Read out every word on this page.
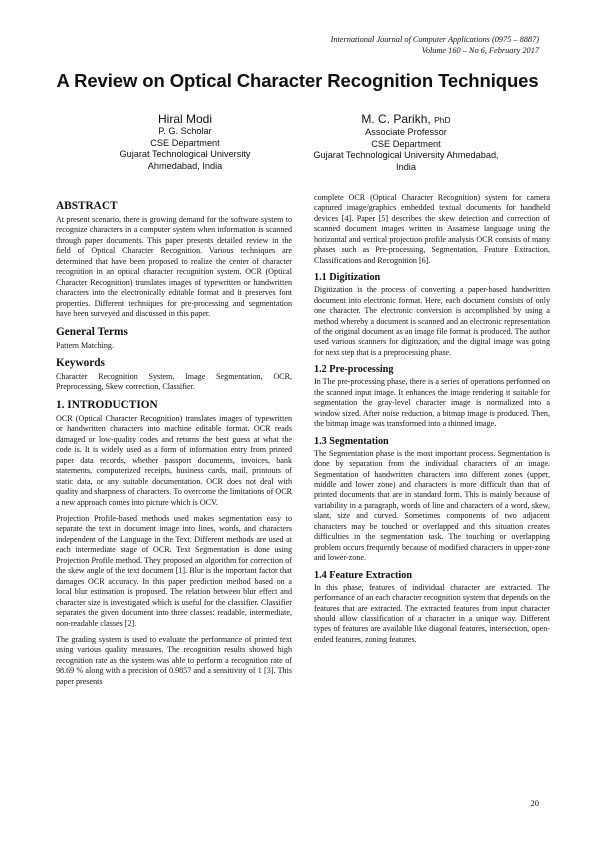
International Journal of Computer Applications (0975 – 8887)
Volume 160 – No 6, February 2017
A Review on Optical Character Recognition Techniques
Hiral Modi
P. G. Scholar
CSE Department
Gujarat Technological University
Ahmedabad, India
M. C. Parikh, PhD
Associate Professor
CSE Department
Gujarat Technological University Ahmedabad,
India
ABSTRACT

At present scenario, there is growing demand for the software system to recognize characters in a computer system when information is scanned through paper documents. This paper presents detailed review in the field of Optical Character Recognition. Various techniques are determined that have been proposed to realize the center of character recognition in an optical character recognition system. OCR (Optical Character Recognition) translates images of typewritten or handwritten characters into the electronically editable format and it preserves font properties. Different techniques for pre-processing and segmentation have been surveyed and discussed in this paper.

General Terms

Pattern Matching.

Keywords

Character Recognition System, Image Segmentation, OCR, Preprocessing, Skew correction, Classifier.

1. INTRODUCTION

OCR (Optical Character Recognition) translates images of typewritten or handwritten characters into machine editable format. OCR reads damaged or low-quality codes and returns the best guess at what the code is. It is widely used as a form of information entry from printed paper data records, whether passport documents, invoices, bank statements, computerized receipts, business cards, mail, printouts of static data, or any suitable documentation. OCR does not deal with quality and sharpness of characters. To overcome the limitations of OCR a new approach comes into picture which is OCV.

Projection Profile-based methods used makes segmentation easy to separate the text in document image into lines, words, and characters independent of the Language in the Text. Different methods are used at each intermediate stage of OCR. Text Segmentation is done using Projection Profile method. They proposed an algorithm for correction of the skew angle of the text document [1]. Blur is the important factor that damages OCR accuracy. In this paper prediction method based on a local blur estimation is proposed. The relation between blur effect and character size is investigated which is useful for the classifier. Classifier separates the given document into three classes: readable, intermediate, non-readable classes [2].

The grading system is used to evaluate the performance of printed text using various quality measures. The recognition results showed high recognition rate as the system was able to perform a recognition rate of 98.69 % along with a precision of 0.9857 and a sensitivity of 1 [3]. This paper presents

complete OCR (Optical Character Recognition) system for camera captured image/graphics embedded textual documents for handheld devices [4]. Paper [5] describes the skew detection and correction of scanned document images written in Assamese language using the horizontal and vertical projection profile analysis OCR consists of many phases such as Pre-processing, Segmentation, Feature Extraction, Classifications and Recognition [6].

1.1 Digitization

Digitization is the process of converting a paper-based handwritten document into electronic format. Here, each document consists of only one character. The electronic conversion is accomplished by using a method whereby a document is scanned and an electronic representation of the original document as an image file format is produced. The author used various scanners for digitization, and the digital image was going for next step that is a preprocessing phase.

1.2 Pre-processing

In The pre-processing phase, there is a series of operations performed on the scanned input image. It enhances the image rendering it suitable for segmentation the gray-level character image is normalized into a window sized. After noise reduction, a bitmap image is produced. Then, the bitmap image was transformed into a thinned image.

1.3 Segmentation

The Segmentation phase is the most important process. Segmentation is done by separation from the individual characters of an image. Segmentation of handwritten characters into different zones (upper, middle and lower zone) and characters is more difficult than that of printed documents that are in standard form. This is mainly because of variability in a paragraph, words of line and characters of a word, skew, slant, size and curved. Sometimes components of two adjacent characters may be touched or overlapped and this situation creates difficulties in the segmentation task. The touching or overlapping problem occurs frequently because of modified characters in upper-zone and lower-zone.

1.4 Feature Extraction

In this phase, features of individual character are extracted. The performance of an each character recognition system that depends on the features that are extracted. The extracted features from input character should allow classification of a character in a unique way. Different types of features are available like diagonal features, intersection, open-ended features, zoning features.

20
